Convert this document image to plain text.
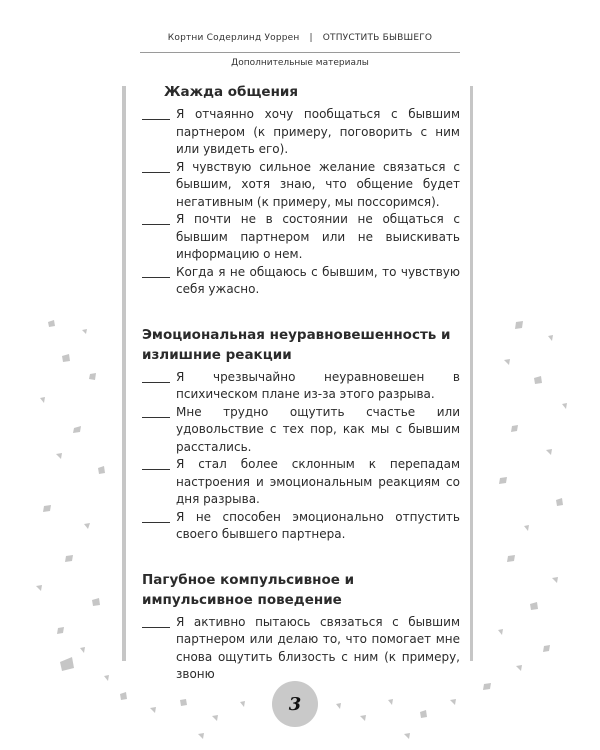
Кортни Содерлинд Уоррен | ОТПУСТИТЬ БЫВШЕГО
Дополнительные материалы
Жажда общения
Я отчаянно хочу пообщаться с бывшим партнером (к примеру, поговорить с ним или увидеть его).
Я чувствую сильное желание связаться с бывшим, хотя знаю, что общение будет негативным (к примеру, мы поссоримся).
Я почти не в состоянии не общаться с бывшим партнером или не выискивать информацию о нем.
Когда я не общаюсь с бывшим, то чувствую себя ужасно.
Эмоциональная неуравновешенность и излишние реакции
Я чрезвычайно неуравновешен в психическом плане из-за этого разрыва.
Мне трудно ощутить счастье или удовольствие с тех пор, как мы с бывшим расстались.
Я стал более склонным к перепадам настроения и эмоциональным реакциям со дня разрыва.
Я не способен эмоционально отпустить своего бывшего партнера.
Пагубное компульсивное и импульсивное поведение
Я активно пытаюсь связаться с бывшим партнером или делаю то, что помогает мне снова ощутить близость с ним (к примеру, звоню
3
